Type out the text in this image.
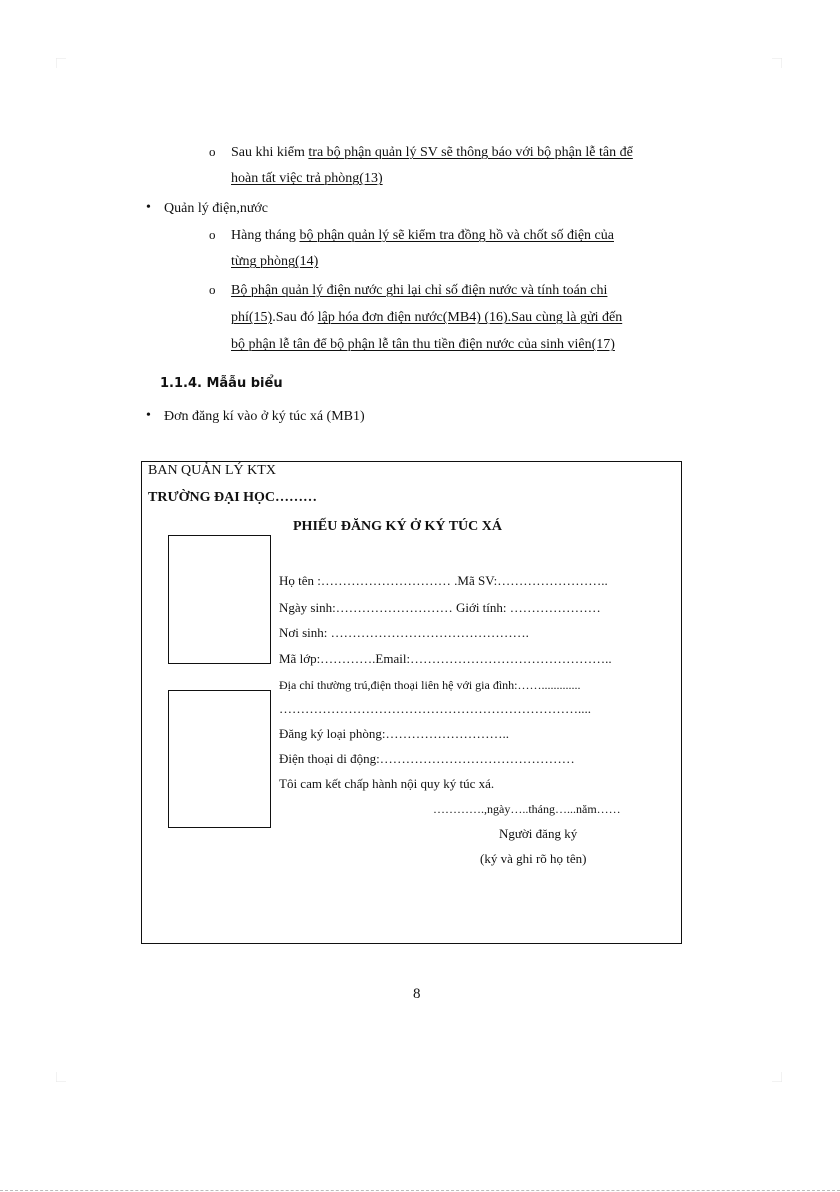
o Sau khi kiểm tra bộ phận quản lý SV sẽ thông báo với bộ phận lễ tân để
hoàn tất việc trả phòng(13)
• Quản lý điện,nước
o Hàng tháng bộ phận quản lý sẽ kiểm tra đồng hồ và chốt số điện của
từng phòng(14)
o Bộ phận quản lý điện nước ghi lại chỉ số điện nước và tính toán chi
phí(15).Sau đó lập hóa đơn điện nước(MB4) (16).Sau cùng là gửi đến
bộ phận lễ tân để bộ phận lễ tân thu tiền điện nước của sinh viên(17)
1.1.4. Mẫẫu biểu
• Đơn đăng kí vào ở ký túc xá (MB1)
BAN QUẢN LÝ KTX
TRƯỜNG ĐẠI HỌC………
PHIẾU ĐĂNG KÝ Ở KÝ TÚC XÁ
Họ tên :………………………… .Mã SV:……………………..
Ngày sinh:……………………… Giới tính: …………………
Nơi sinh: ……………………………………….
Mã lớp:………….Email:………………………………………..
Địa chỉ thường trú,điện thoại liên hệ với gia đình:…….............
……………………………………………………………....
Đăng ký loại phòng:………………………..
Điện thoại di động:………………………………………
Tôi cam kết chấp hành nội quy ký túc xá.
………….,ngày…..tháng…...năm……
Người đăng ký
(ký và ghi rõ họ tên)
8
